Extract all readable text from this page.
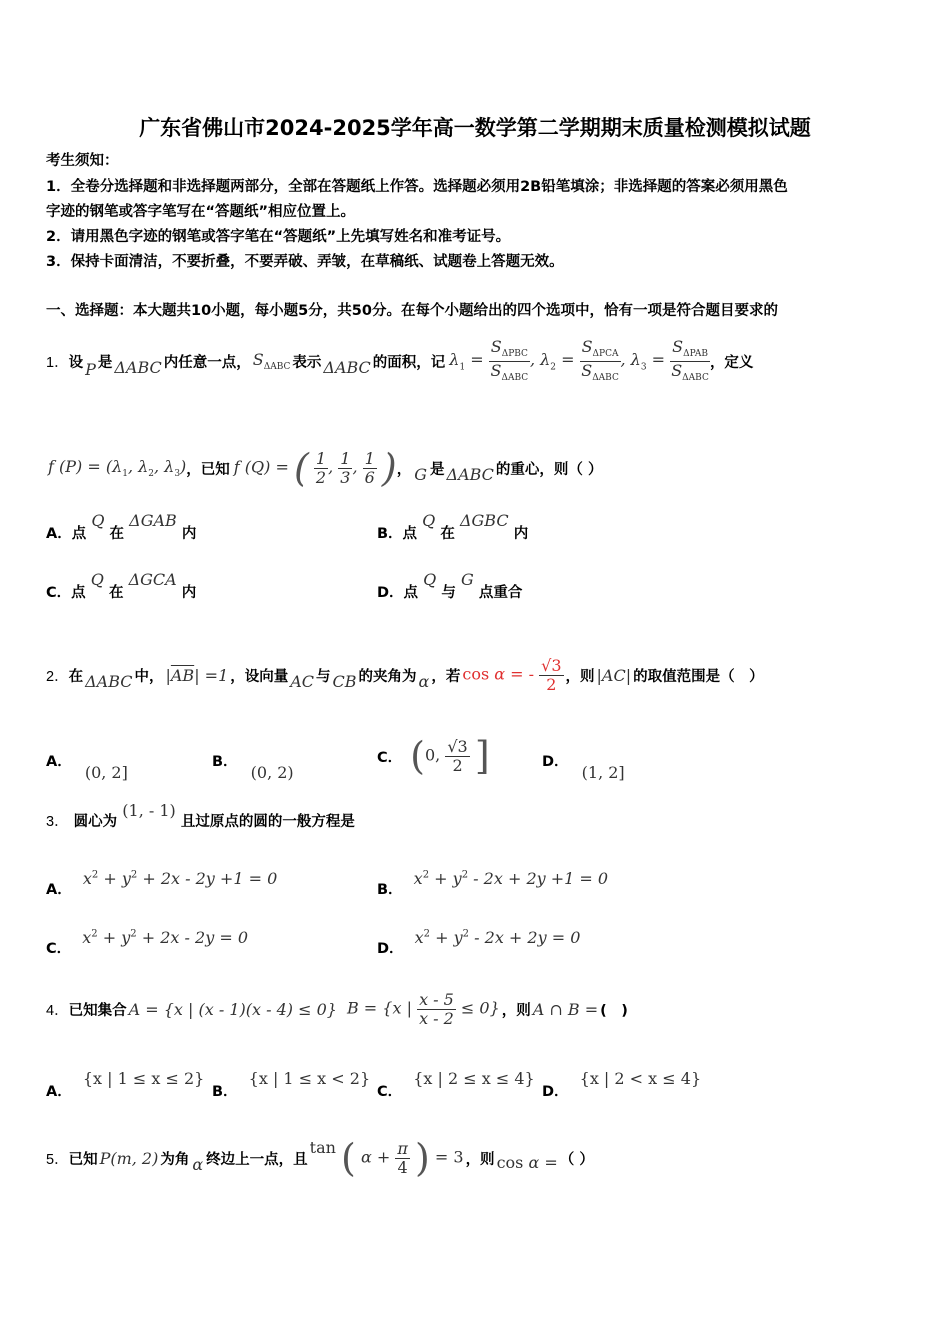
广东省佛山市2024-2025学年高一数学第二学期期末质量检测模拟试题
考生须知：
1．全卷分选择题和非选择题两部分，全部在答题纸上作答。选择题必须用2B铅笔填涂；非选择题的答案必须用黑色
字迹的钢笔或答字笔写在“答题纸”相应位置上。
2．请用黑色字迹的钢笔或答字笔在“答题纸”上先填写姓名和准考证号。
3．保持卡面清洁，不要折叠，不要弄破、弄皱，在草稿纸、试题卷上答题无效。
一、选择题：本大题共10小题，每小题5分，共50分。在每个小题给出的四个选项中，恰有一项是符合题目要求的
1． 设 P 是 ΔABC 内任意一点， $S_{\Delta ABC}$ 表示 ΔABC 的面积，记 $\lambda_1 = \frac{S_{\Delta PBC}}{S_{\Delta ABC}}$ , $\lambda_2 = \frac{S_{\Delta PCA}}{S_{\Delta ABC}}$ , $\lambda_3 = \frac{S_{\Delta PAB}}{S_{\Delta ABC}}$ ，定义
f $(P) = (\lambda_1$, $\lambda_2$, $\lambda_3$) ，已知 f (Q) = ( $\frac{1}{2}$ , $\frac{1}{3}$ , $\frac{1}{6}$ ) ， G 是 ΔABC 的重心，则（ ）
A．点 Q 在 ΔGAB 内	B．点 Q 在 ΔGBC 内
C．点 Q 在 ΔGCA 内	D．点 Q 与 G 点重合
2． 在 ΔABC 中， $|\overline{AB}| =1$ ，设向量 AC 与 CB 的夹角为 α ，若 cos α = - $\frac{√3}{2}$ ，则 |AC| 的取值范围是（　）
A． (0, 2]
B． (0, 2)
C． (0, $\frac{√3}{2}$ ]	D． (1, 2]
3． 圆心为 (1, - 1) 且过原点的圆的一般方程是
A． $x^2 + y^2 + 2x - 2y +1 = 0$
B． $x^2 + y^2 - 2x + 2y +1 = 0$
C． $x^2 + y^2 + 2x - 2y = 0$
D． $x^2 + y^2 - 2x + 2y = 0$
4． 已知集合 A = {x | (x - 1)(x - 4) ≤ 0} B = {x | $\frac{x - 5}{x - 2} \le 0$} ，则 A ∩ B = (　)
A． {x | 1 ≤ x ≤ 2}
B． {x | 1 ≤ x < 2}
C． {x | 2 ≤ x ≤ 4}
D． {x | 2 < x ≤ 4}
5． 已知 P(m, 2) 为角 α 终边上一点，且
tan ( $\alpha + \frac{\pi}{4}$ ) = 3 ，则 cos α = （ ）
